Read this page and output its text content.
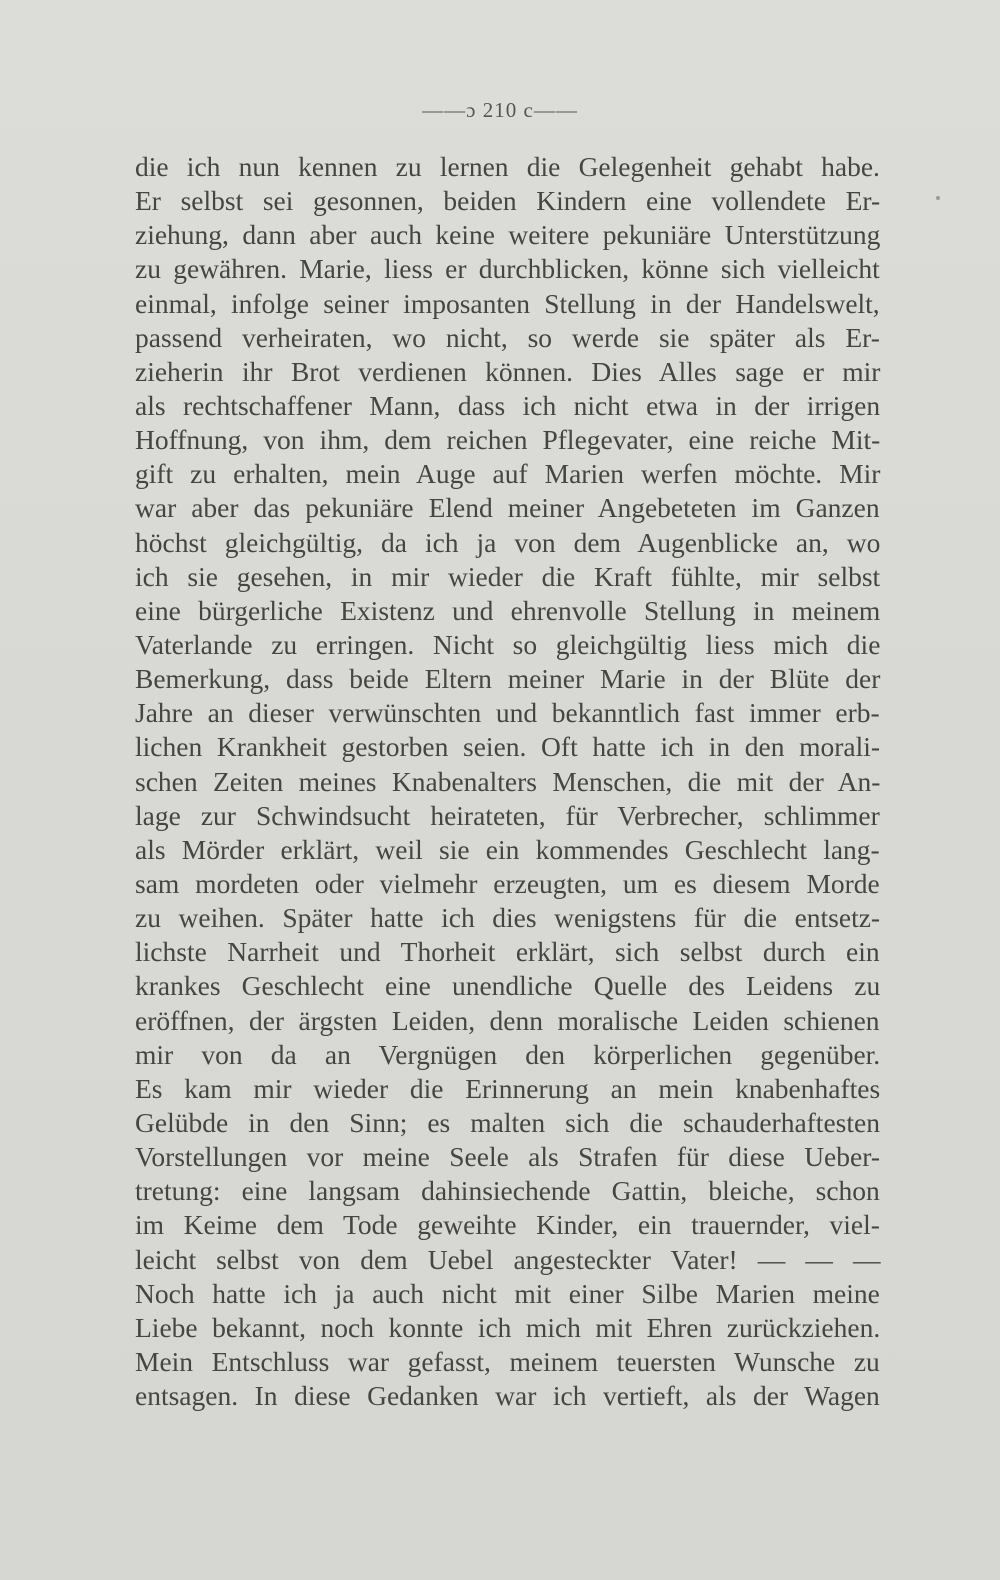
——ɔ 210 c——
die ich nun kennen zu lernen die Gelegenheit gehabt habe.
Er selbst sei gesonnen, beiden Kindern eine vollendete Er-
ziehung, dann aber auch keine weitere pekuniäre Unterstützung
zu gewähren. Marie, liess er durchblicken, könne sich vielleicht
einmal, infolge seiner imposanten Stellung in der Handelswelt,
passend verheiraten, wo nicht, so werde sie später als Er-
zieherin ihr Brot verdienen können. Dies Alles sage er mir
als rechtschaffener Mann, dass ich nicht etwa in der irrigen
Hoffnung, von ihm, dem reichen Pflegevater, eine reiche Mit-
gift zu erhalten, mein Auge auf Marien werfen möchte. Mir
war aber das pekuniäre Elend meiner Angebeteten im Ganzen
höchst gleichgültig, da ich ja von dem Augenblicke an, wo
ich sie gesehen, in mir wieder die Kraft fühlte, mir selbst
eine bürgerliche Existenz und ehrenvolle Stellung in meinem
Vaterlande zu erringen. Nicht so gleichgültig liess mich die
Bemerkung, dass beide Eltern meiner Marie in der Blüte der
Jahre an dieser verwünschten und bekanntlich fast immer erb-
lichen Krankheit gestorben seien. Oft hatte ich in den morali-
schen Zeiten meines Knabenalters Menschen, die mit der An-
lage zur Schwindsucht heirateten, für Verbrecher, schlimmer
als Mörder erklärt, weil sie ein kommendes Geschlecht lang-
sam mordeten oder vielmehr erzeugten, um es diesem Morde
zu weihen. Später hatte ich dies wenigstens für die entsetz-
lichste Narrheit und Thorheit erklärt, sich selbst durch ein
krankes Geschlecht eine unendliche Quelle des Leidens zu
eröffnen, der ärgsten Leiden, denn moralische Leiden schienen
mir von da an Vergnügen den körperlichen gegenüber.
Es kam mir wieder die Erinnerung an mein knabenhaftes
Gelübde in den Sinn; es malten sich die schauderhaftesten
Vorstellungen vor meine Seele als Strafen für diese Ueber-
tretung: eine langsam dahinsiechende Gattin, bleiche, schon
im Keime dem Tode geweihte Kinder, ein trauernder, viel-
leicht selbst von dem Uebel angesteckter Vater! — — —
Noch hatte ich ja auch nicht mit einer Silbe Marien meine
Liebe bekannt, noch konnte ich mich mit Ehren zurückziehen.
Mein Entschluss war gefasst, meinem teuersten Wunsche zu
entsagen. In diese Gedanken war ich vertieft, als der Wagen
